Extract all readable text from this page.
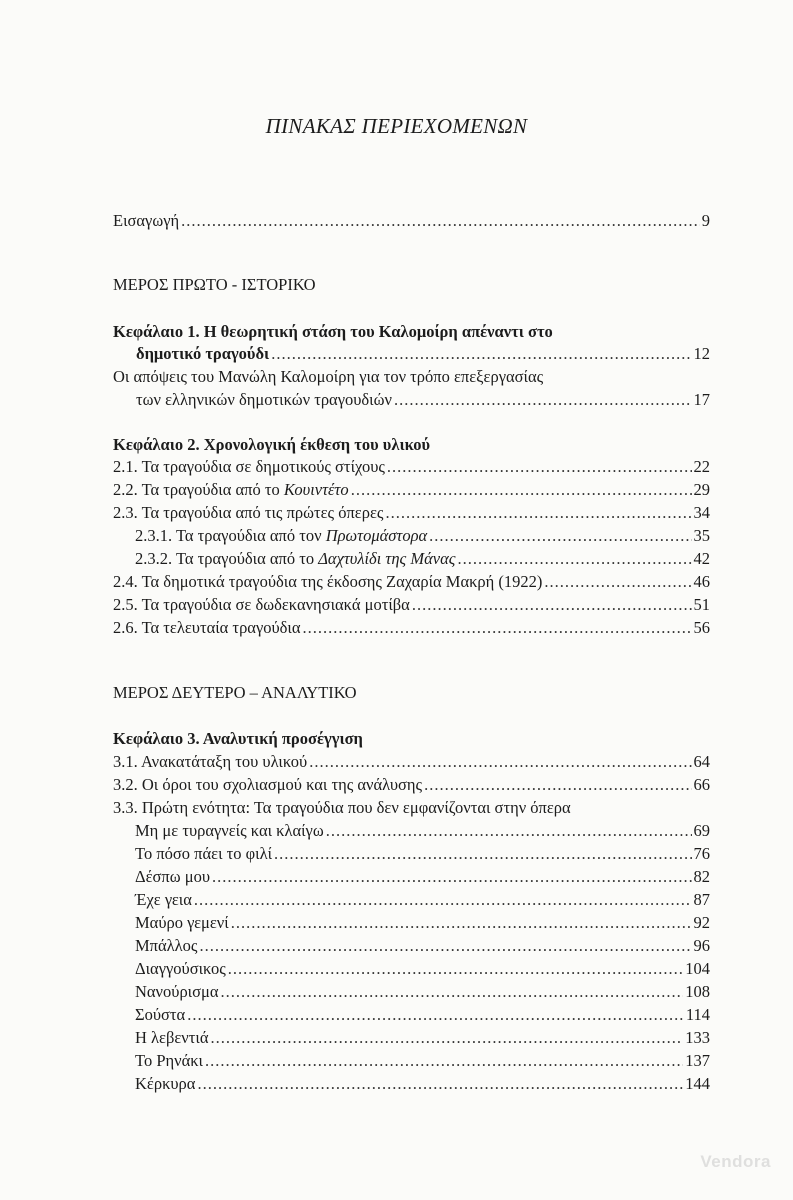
ΠΙΝΑΚΑΣ ΠΕΡΙΕΧΟΜΕΝΩΝ
Εισαγωγή .....	9
ΜΕΡΟΣ ΠΡΩΤΟ - ΙΣΤΟΡΙΚΟ
Κεφάλαιο 1. Η θεωρητική στάση του Καλομοίρη απέναντι στο
δημοτικό τραγούδι .....	12
Οι απόψεις του Μανώλη Καλομοίρη για τον τρόπο επεξεργασίας
των ελληνικών δημοτικών τραγουδιών .....	17
Κεφάλαιο 2. Χρονολογική έκθεση του υλικού
2.1. Τα τραγούδια σε δημοτικούς στίχους .....	22
2.2. Τα τραγούδια από το Κουιντέτο .....	29
2.3. Τα τραγούδια από τις πρώτες όπερες .....	34
2.3.1. Τα τραγούδια από τον Πρωτομάστορα .....	35
2.3.2. Τα τραγούδια από το Δαχτυλίδι της Μάνας .....	42
2.4. Τα δημοτικά τραγούδια της έκδοσης Ζαχαρία Μακρή (1922) .....	46
2.5. Τα τραγούδια σε δωδεκανησιακά μοτίβα .....	51
2.6. Τα τελευταία τραγούδια .....	56
ΜΕΡΟΣ ΔΕΥΤΕΡΟ – ΑΝΑΛΥΤΙΚΟ
Κεφάλαιο 3. Αναλυτική προσέγγιση
3.1. Ανακατάταξη του υλικού .....	64
3.2. Οι όροι του σχολιασμού και της ανάλυσης .....	66
3.3. Πρώτη ενότητα: Τα τραγούδια που δεν εμφανίζονται στην όπερα
Μη με τυραγνείς και κλαίγω .....	69
Το πόσο πάει το φιλί .....	76
Δέσπω μου .....	82
Έχε γεια .....	87
Μαύρο γεμενί .....	92
Μπάλλος .....	96
Διαγγούσικος .....	104
Νανούρισμα .....	108
Σούστα .....	114
Η λεβεντιά .....	133
Το Ρηνάκι .....	137
Κέρκυρα .....	144
Vendora
